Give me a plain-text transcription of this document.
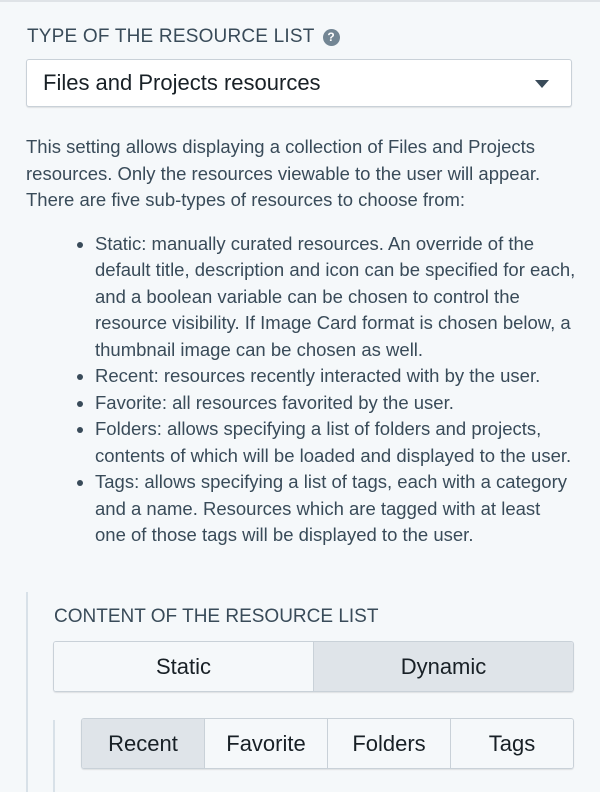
TYPE OF THE RESOURCE LIST	?
Files and Projects resources

This setting allows displaying a collection of Files and Projects resources. Only the resources viewable to the user will appear. There are five sub-types of resources to choose from:

• Static: manually curated resources. An override of the default title, description and icon can be specified for each, and a boolean variable can be chosen to control the resource visibility. If Image Card format is chosen below, a thumbnail image can be chosen as well.
• Recent: resources recently interacted with by the user.
• Favorite: all resources favorited by the user.
• Folders: allows specifying a list of folders and projects, contents of which will be loaded and displayed to the user.
• Tags: allows specifying a list of tags, each with a category and a name. Resources which are tagged with at least one of those tags will be displayed to the user.
CONTENT OF THE RESOURCE LIST
Static	Dynamic
Recent	Favorite	Folders	Tags
